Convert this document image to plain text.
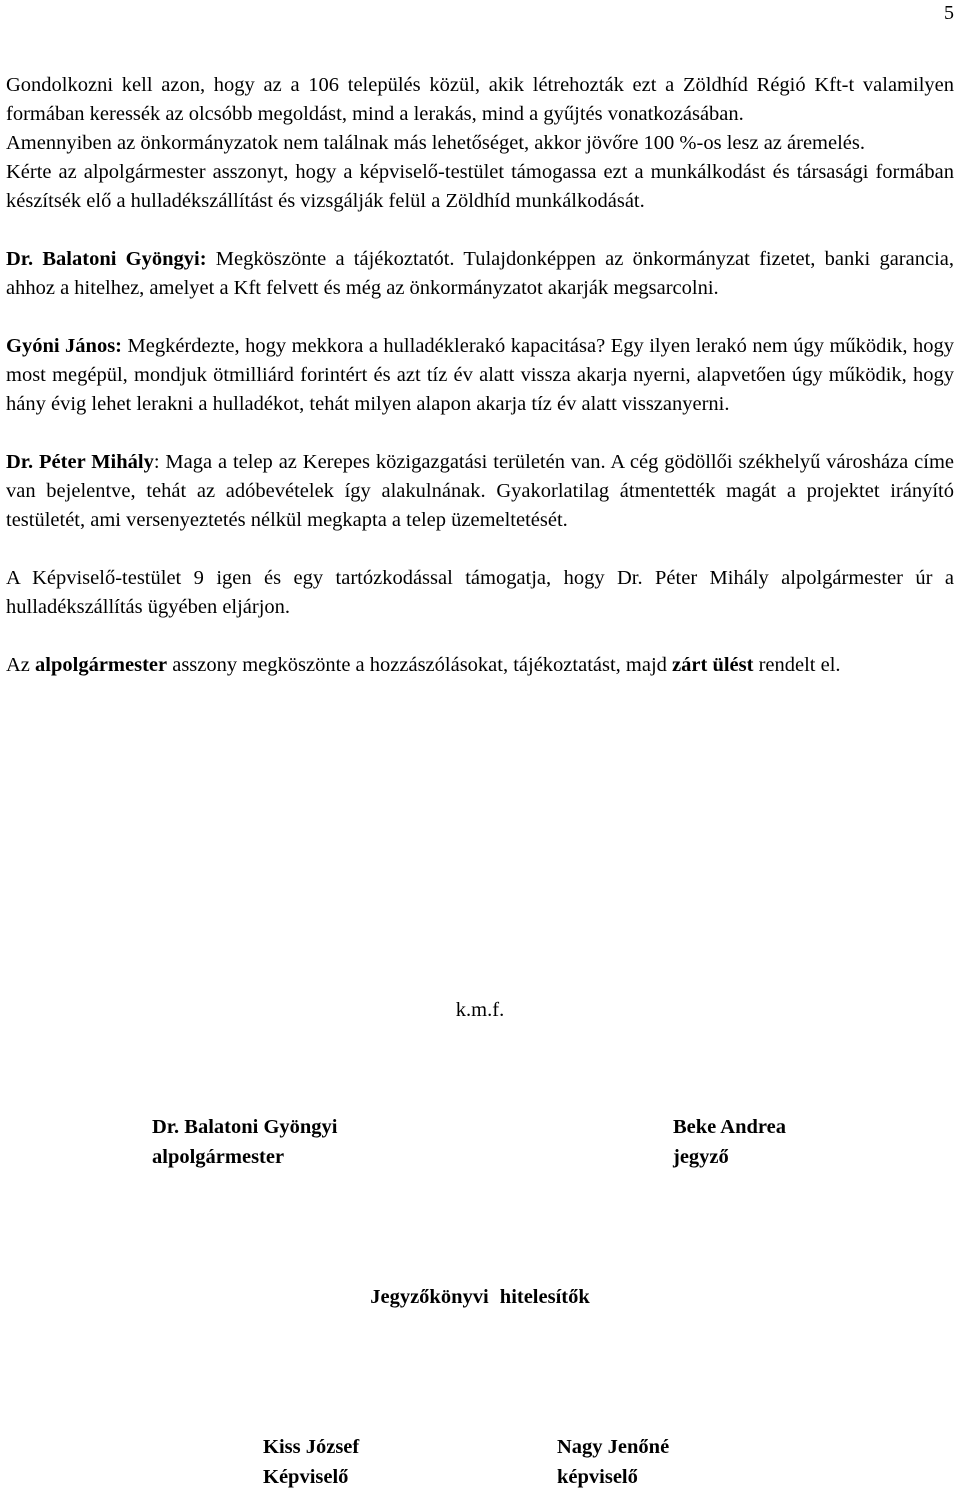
5

Gondolkozni kell azon, hogy az a 106 település közül, akik létrehozták ezt a Zöldhíd Régió Kft-t valamilyen formában keressék az olcsóbb megoldást, mind a lerakás, mind a gyűjtés vonatkozásában.

Amennyiben az önkormányzatok nem találnak más lehetőséget, akkor jövőre 100 %-os lesz az áremelés.

Kérte az alpolgármester asszonyt, hogy a képviselő-testület támogassa ezt a munkálkodást és társasági formában készítsék elő a hulladékszállítást és vizsgálják felül a Zöldhíd munkálkodását.

Dr. Balatoni Gyöngyi: Megköszönte a tájékoztatót. Tulajdonképpen az önkormányzat fizetet, banki garancia, ahhoz a hitelhez, amelyet a Kft felvett és még az önkormányzatot akarják megsarcolni.

Gyóni János: Megkérdezte, hogy mekkora a hulladéklerakó kapacitása? Egy ilyen lerakó nem úgy működik, hogy most megépül, mondjuk ötmilliárd forintért és azt tíz év alatt vissza akarja nyerni, alapvetően úgy működik, hogy hány évig lehet lerakni a hulladékot, tehát milyen alapon akarja tíz év alatt visszanyerni.

Dr. Péter Mihály: Maga a telep az Kerepes közigazgatási területén van. A cég gödöllői székhelyű városháza címe van bejelentve, tehát az adóbevételek így alakulnának. Gyakorlatilag átmentették magát a projektet irányító testületét, ami versenyeztetés nélkül megkapta a telep üzemeltetését.

A Képviselő-testület 9 igen és egy tartózkodással támogatja, hogy Dr. Péter Mihály alpolgármester úr a hulladékszállítás ügyében eljárjon.

Az alpolgármester asszony megköszönte a hozzászólásokat, tájékoztatást, majd zárt ülést rendelt el.

k.m.f.
Dr. Balatoni Gyöngyi
alpolgármester
Beke Andrea
jegyző
Jegyzőkönyvi hitelesítők
Kiss József
Képviselő
Nagy Jenőné
képviselő
